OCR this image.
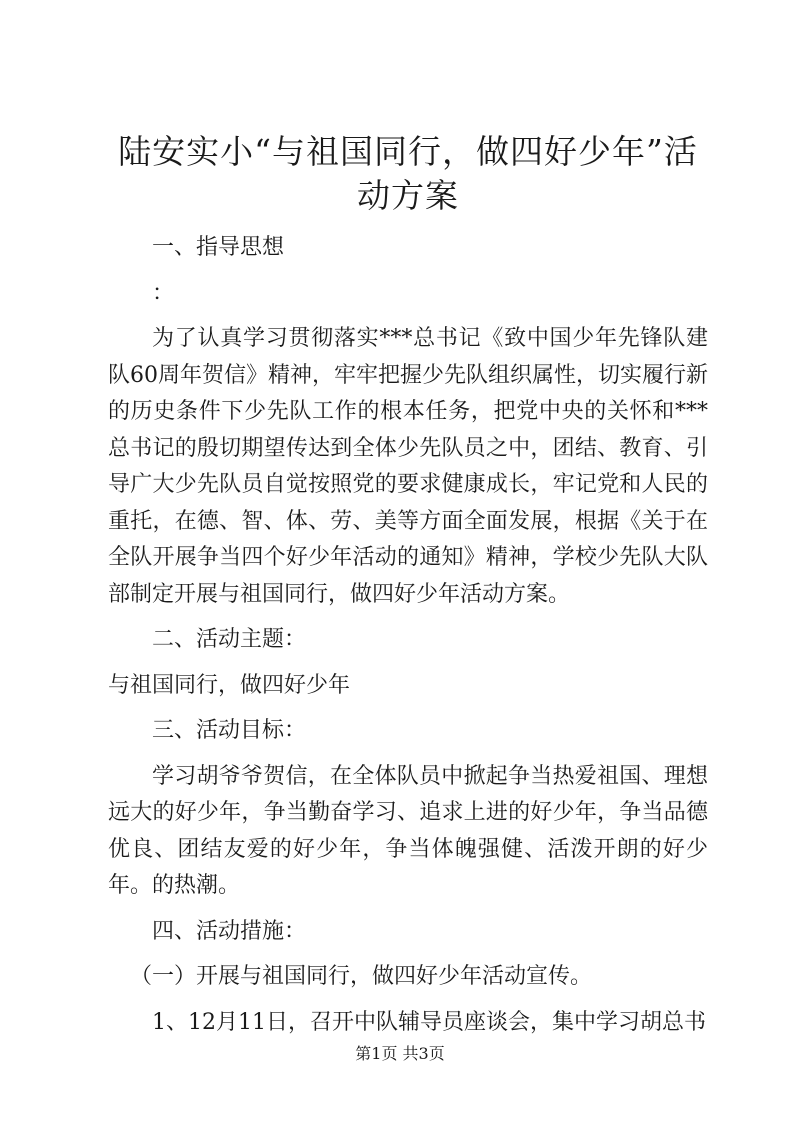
陆安实小“与祖国同行，做四好少年”活动方案

一、指导思想

：

为了认真学习贯彻落实***总书记《致中国少年先锋队建队60周年贺信》精神，牢牢把握少先队组织属性，切实履行新的历史条件下少先队工作的根本任务，把党中央的关怀和***总书记的殷切期望传达到全体少先队员之中，团结、教育、引导广大少先队员自觉按照党的要求健康成长，牢记党和人民的重托，在德、智、体、劳、美等方面全面发展，根据《关于在全队开展争当四个好少年活动的通知》精神，学校少先队大队部制定开展与祖国同行，做四好少年活动方案。

二、活动主题：

与祖国同行，做四好少年

三、活动目标：

学习胡爷爷贺信，在全体队员中掀起争当热爱祖国、理想远大的好少年，争当勤奋学习、追求上进的好少年，争当品德优良、团结友爱的好少年，争当体魄强健、活泼开朗的好少年。的热潮。

四、活动措施：

（一）开展与祖国同行，做四好少年活动宣传。

1、12月11日，召开中队辅导员座谈会，集中学习胡总书

第1页 共3页
